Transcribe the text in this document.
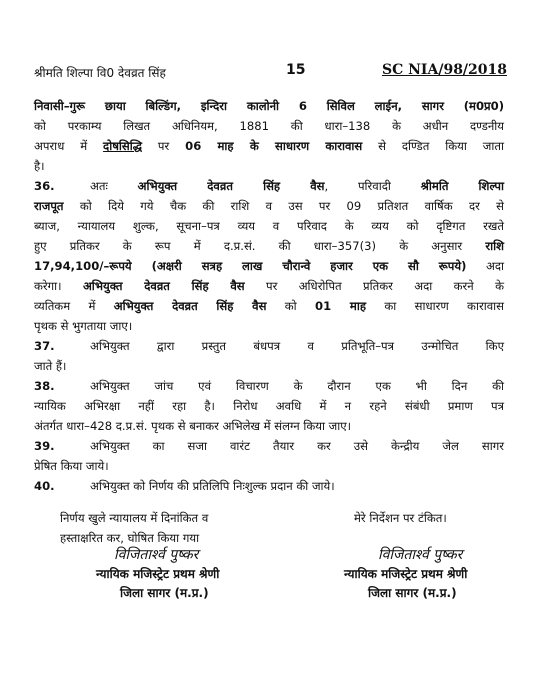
श्रीमति शिल्पा वि0 देवव्रत सिंह	15	SC NIA/98/2018
निवासी–गुरू छाया बिल्डिंग, इन्दिरा कालोनी 6 सिविल लाईन, सागर (म0प्र0)
को परकाम्य लिखत अधिनियम, 1881 की धारा–138 के अधीन दण्डनीय
अपराध में दोषसिद्धि पर 06 माह के साधारण कारावास से दण्डित किया जाता
है।
36.	अतः अभियुक्त देवव्रत सिंह वैस, परिवादी श्रीमति शिल्पा
राजपूत को दिये गये चैक की राशि व उस पर 09 प्रतिशत वार्षिक दर से
ब्याज, न्यायालय शुल्क, सूचना–पत्र व्यय व परिवाद के व्यय को दृष्टिगत रखते
हुए प्रतिकर के रूप में द.प्र.सं. की धारा–357(3) के अनुसार राशि
17,94,100/–रूपये (अक्षरी सत्रह लाख चौरान्वे हजार एक सौ रूपये) अदा
करेगा। अभियुक्त देवव्रत सिंह वैस पर अधिरोपित प्रतिकर अदा करने के
व्यतिकम में अभियुक्त देवव्रत सिंह वैस को 01 माह का साधारण कारावास
पृथक से भुगताया जाए।
37.	अभियुक्त द्वारा प्रस्तुत बंधपत्र व प्रतिभूति–पत्र उन्मोचित किए
जाते हैं।
38.	अभियुक्त जांच एवं विचारण के दौरान एक भी दिन की
न्यायिक अभिरक्षा नहीं रहा है। निरोध अवधि में न रहने संबंधी प्रमाण पत्र
अंतर्गत धारा–428 द.प्र.सं. पृथक से बनाकर अभिलेख में संलग्न किया जाए।
39.	अभियुक्त का सजा वारंट तैयार कर उसे केन्द्रीय जेल सागर
प्रेषित किया जाये।
40.	अभियुक्त को निर्णय की प्रतिलिपि निःशुल्क प्रदान की जाये।
निर्णय खुले न्यायालय में दिनांकित व
हस्ताक्षरित कर, घोषित किया गया
मेरे निर्देशन पर टंकित।
विजितार्श्व पुष्कर
न्यायिक मजिस्ट्रेट प्रथम श्रेणी
जिला सागर (म.प्र.)
विजितार्श्व पुष्कर
न्यायिक मजिस्ट्रेट प्रथम श्रेणी
जिला सागर (म.प्र.)
